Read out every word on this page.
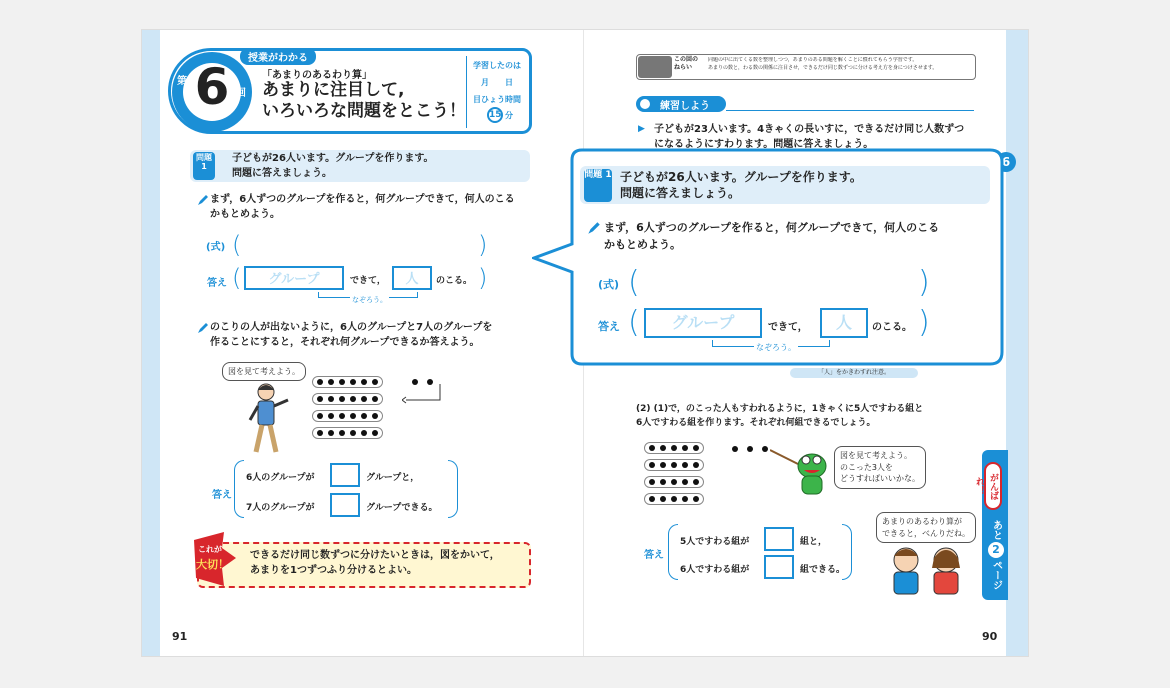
6
第
回
授業がわかる
「あまりのあるわり算」
あまりに注目して,
いろいろな問題をとこう！
学習したのは
月 日
目ひょう時間
15 分
問題 1
子どもが26人います。グループを作ります。
問題に答えましょう。
まず，6人ずつのグループを作ると，何グループできて，何人のこる
かもとめよう。
(式) (	)
答え (	グループ	できて，	人	のこる。 )
なぞろう。
のこりの人が出ないように，6人のグループと7人のグループを
作ることにすると，それぞれ何グループできるか答えよう。
図を見て考えよう。
答え
6人のグループが	グループと，
7人のグループが	グループできる。
これが
大切！
できるだけ同じ数ずつに分けたいときは，図をかいて，
あまりを1つずつふり分けるとよい。
91
この回の
ねらい
同題の中に出てくる数を整理しつつ，あまりのある問題を解くことに慣れてもらう学習です。
あまりの数と，わる数の関係に注目させ，できるだけ同じ数ずつに分ける考え方を身につけさせます。
練習しよう
▶ 子どもが23人います。4きゃくの長いすに，できるだけ同じ人数ずつ
になるようにすわります。問題に答えましょう。
6
問題 1 子どもが26人います。グループを作ります。
問題に答えましょう。
まず，6人ずつのグループを作ると，何グループできて，何人のこる
かもとめよう。
(式) (	)
答え (	グループ	できて，	人	のこる。 )
なぞろう。
「人」をかきわすれ注意。
(2) (1)で，のこった人もすわれるように，1きゃくに5人ですわる組と
6人ですわる組を作ります。それぞれ何組できるでしょう。
図を見て考えよう。
のこった3人を
どうすればいいかな。
答え
5人ですわる組が	組と，
6人ですわる組が	組できる。
あまりのあるわり算が
できると，べんりだね。
がんばれ！
あと
2
ページ
90
